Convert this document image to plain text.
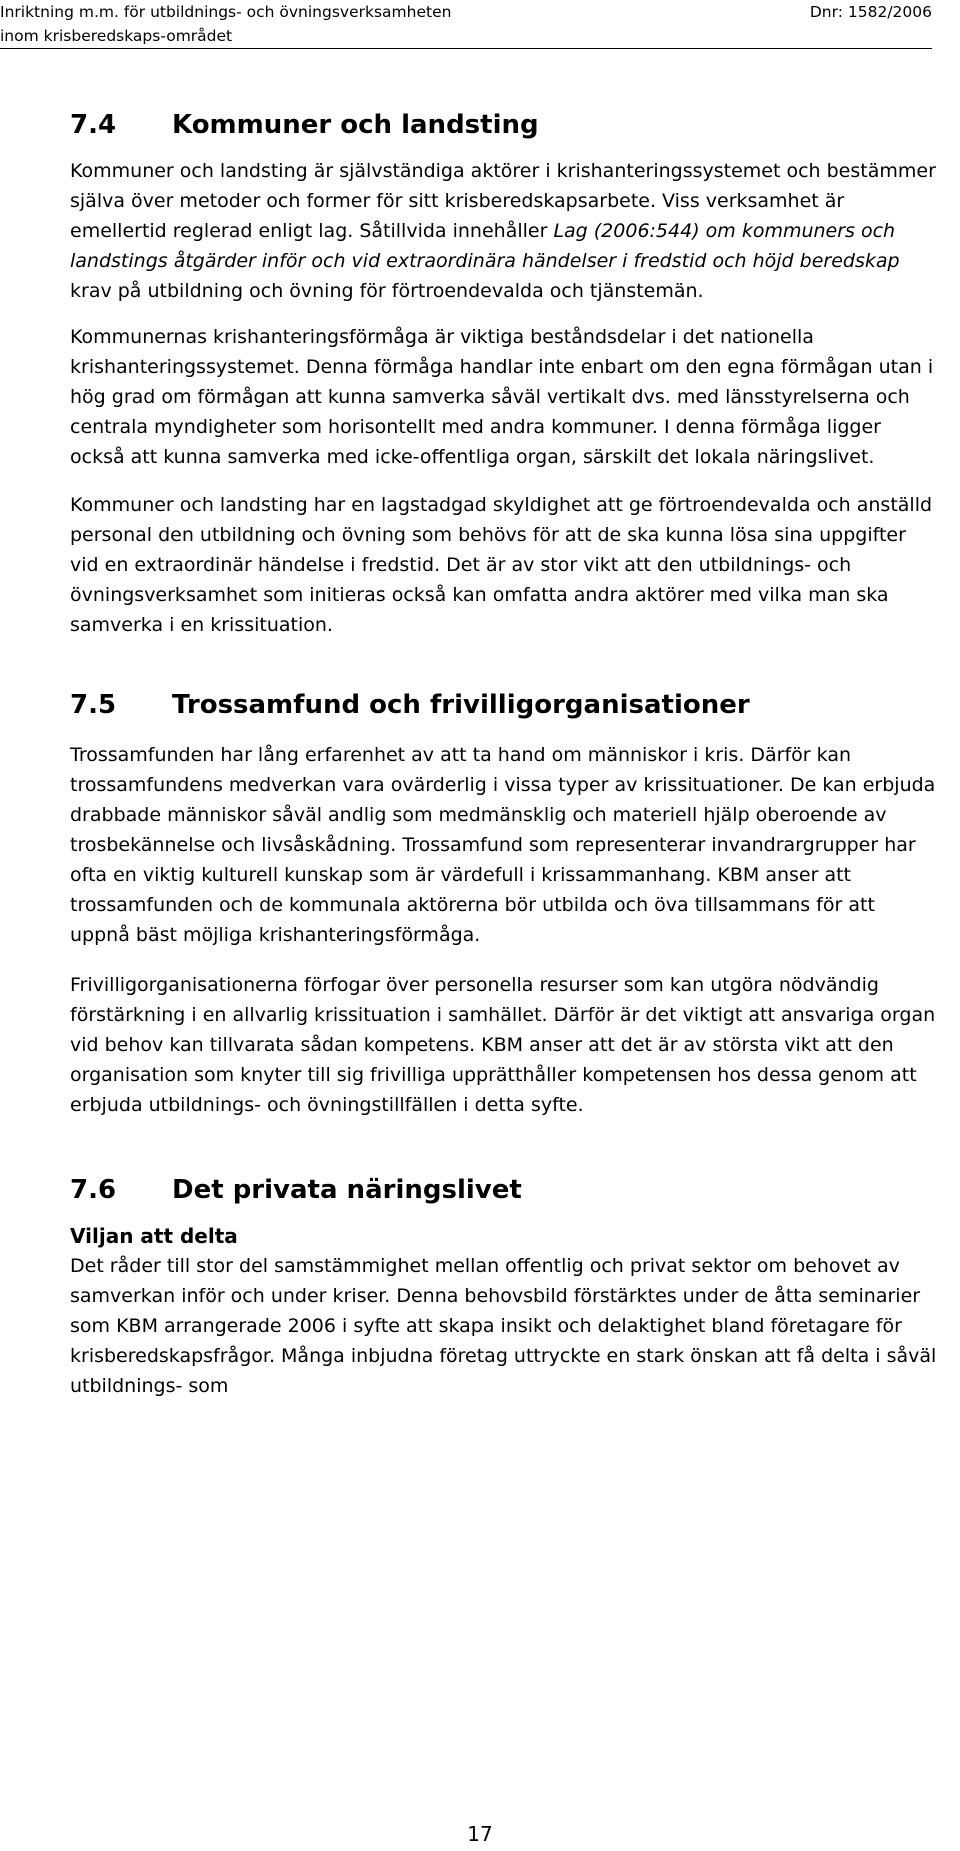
Inriktning m.m. för utbildnings- och övningsverksamheten
inom krisberedskaps-området
Dnr: 1582/2006
7.4	Kommuner och landsting

Kommuner och landsting är självständiga aktörer i krishanteringssystemet och bestämmer själva över metoder och former för sitt krisberedskapsarbete. Viss verksamhet är emellertid reglerad enligt lag. Såtillvida innehåller Lag (2006:544) om kommuners och landstings åtgärder inför och vid extraordinära händelser i fredstid och höjd beredskap krav på utbildning och övning för förtroendevalda och tjänstemän.

Kommunernas krishanteringsförmåga är viktiga beståndsdelar i det nationella krishanteringssystemet. Denna förmåga handlar inte enbart om den egna förmågan utan i hög grad om förmågan att kunna samverka såväl vertikalt dvs. med länsstyrelserna och centrala myndigheter som horisontellt med andra kommuner. I denna förmåga ligger också att kunna samverka med icke-offentliga organ, särskilt det lokala näringslivet.

Kommuner och landsting har en lagstadgad skyldighet att ge förtroendevalda och anställd personal den utbildning och övning som behövs för att de ska kunna lösa sina uppgifter vid en extraordinär händelse i fredstid. Det är av stor vikt att den utbildnings- och övningsverksamhet som initieras också kan omfatta andra aktörer med vilka man ska samverka i en krissituation.

7.5	Trossamfund och frivilligorganisationer

Trossamfunden har lång erfarenhet av att ta hand om människor i kris. Därför kan trossamfundens medverkan vara ovärderlig i vissa typer av krissituationer. De kan erbjuda drabbade människor såväl andlig som medmänsklig och materiell hjälp oberoende av trosbekännelse och livsåskådning. Trossamfund som representerar invandrargrupper har ofta en viktig kulturell kunskap som är värdefull i krissammanhang. KBM anser att trossamfunden och de kommunala aktörerna bör utbilda och öva tillsammans för att uppnå bäst möjliga krishanteringsförmåga.

Frivilligorganisationerna förfogar över personella resurser som kan utgöra nödvändig förstärkning i en allvarlig krissituation i samhället. Därför är det viktigt att ansvariga organ vid behov kan tillvarata sådan kompetens. KBM anser att det är av största vikt att den organisation som knyter till sig frivilliga upprätthåller kompetensen hos dessa genom att erbjuda utbildnings- och övningstillfällen i detta syfte.

7.6	Det privata näringslivet
Viljan att delta

Det råder till stor del samstämmighet mellan offentlig och privat sektor om behovet av samverkan inför och under kriser. Denna behovsbild förstärktes under de åtta seminarier som KBM arrangerade 2006 i syfte att skapa insikt och delaktighet bland företagare för krisberedskapsfrågor. Många inbjudna företag uttryckte en stark önskan att få delta i såväl utbildnings- som

17
